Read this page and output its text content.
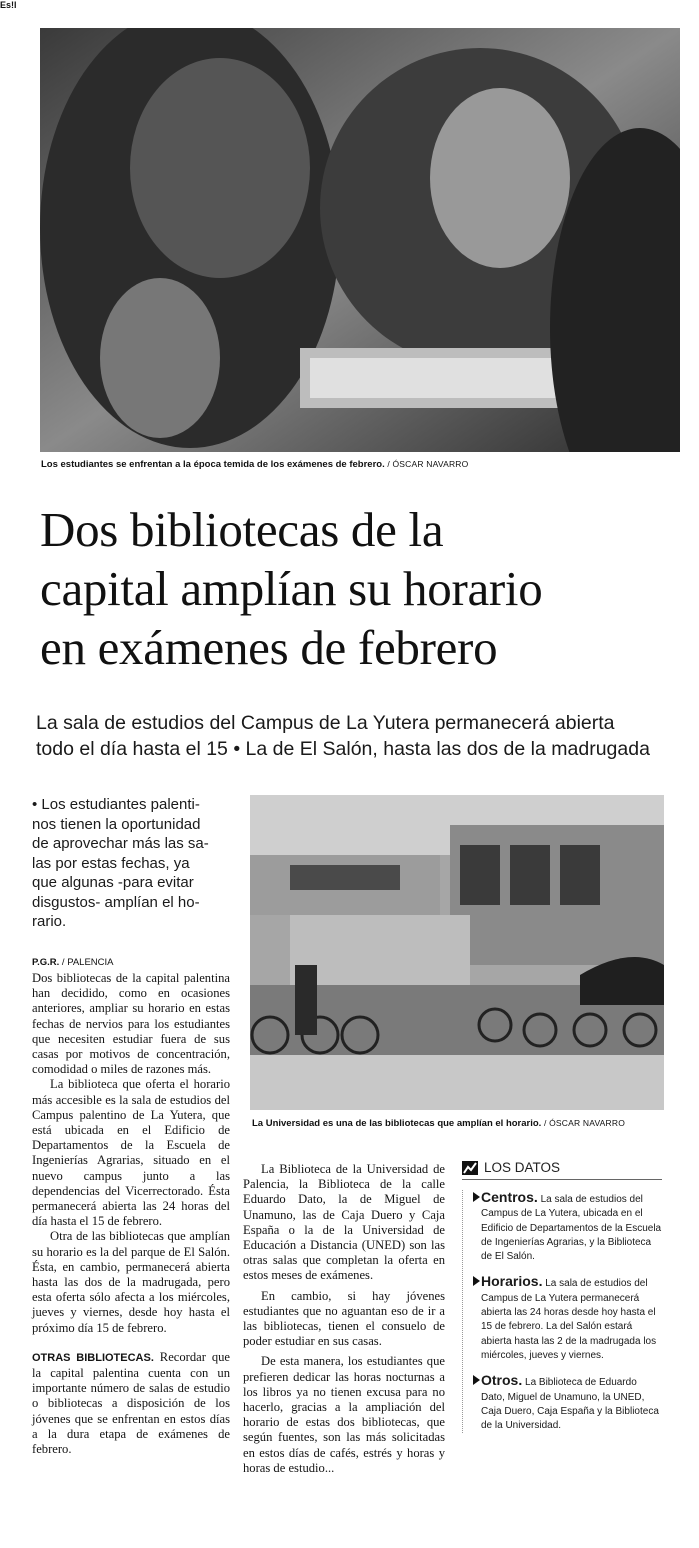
Es!l
Los estudiantes se enfrentan a la época temida de los exámenes de febrero. / ÓSCAR NAVARRO
Dos bibliotecas de la
capital amplían su horario
en exámenes de febrero
La sala de estudios del Campus de La Yutera permanecerá abierta
todo el día hasta el 15 • La de El Salón, hasta las dos de la madrugada
• Los estudiantes palenti-
nos tienen la oportunidad
de aprovechar más las sa-
las por estas fechas, ya
que algunas -para evitar
disgustos- amplían el ho-
rario.
La Universidad es una de las bibliotecas que amplían el horario. / ÓSCAR NAVARRO
P.G.R. / PALENCIA

Dos bibliotecas de la capital palentina han decidido, como en ocasiones anteriores, ampliar su horario en estas fechas de nervios para los estudiantes que necesiten estudiar fuera de sus casas por motivos de concentración, comodidad o miles de razones más.

La biblioteca que oferta el horario más accesible es la sala de estudios del Campus palentino de La Yutera, que está ubicada en el Edificio de Departamentos de la Escuela de Ingenierías Agrarias, situado en el nuevo campus junto a las dependencias del Vicerrectorado. Ésta permanecerá abierta las 24 horas del día hasta el 15 de febrero.

Otra de las bibliotecas que amplían su horario es la del parque de El Salón. Ésta, en cambio, permanecerá abierta hasta las dos de la madrugada, pero esta oferta sólo afecta a los miércoles, jueves y viernes, desde hoy hasta el próximo día 15 de febrero.

OTRAS BIBLIOTECAS. Recordar que la capital palentina cuenta con un importante número de salas de estudio o bibliotecas a disposición de los jóvenes que se enfrentan en estos días a la dura etapa de exámenes de febrero.

La Biblioteca de la Universidad de Palencia, la Biblioteca de la calle Eduardo Dato, la de Miguel de Unamuno, las de Caja Duero y Caja España o la de la Universidad de Educación a Distancia (UNED) son las otras salas que completan la oferta en estos meses de exámenes.

En cambio, si hay jóvenes estudiantes que no aguantan eso de ir a las bibliotecas, tienen el consuelo de poder estudiar en sus casas.

De esta manera, los estudiantes que prefieren dedicar las horas nocturnas a los libros ya no tienen excusa para no hacerlo, gracias a la ampliación del horario de estas dos bibliotecas, que según fuentes, son las más solicitadas en estos días de cafés, estrés y horas y horas de estudio...

LOS DATOS
Centros. La sala de estudios del Campus de La Yutera, ubicada en el Edificio de Departamentos de la Escuela de Ingenierías Agrarias, y la Biblioteca de El Salón.
Horarios. La sala de estudios del Campus de La Yutera permanecerá abierta las 24 horas desde hoy hasta el 15 de febrero. La del Salón estará abierta hasta las 2 de la madrugada los miércoles, jueves y viernes.
Otros. La Biblioteca de Eduardo Dato, Miguel de Unamuno, la UNED, Caja Duero, Caja España y la Biblioteca de la Universidad.
